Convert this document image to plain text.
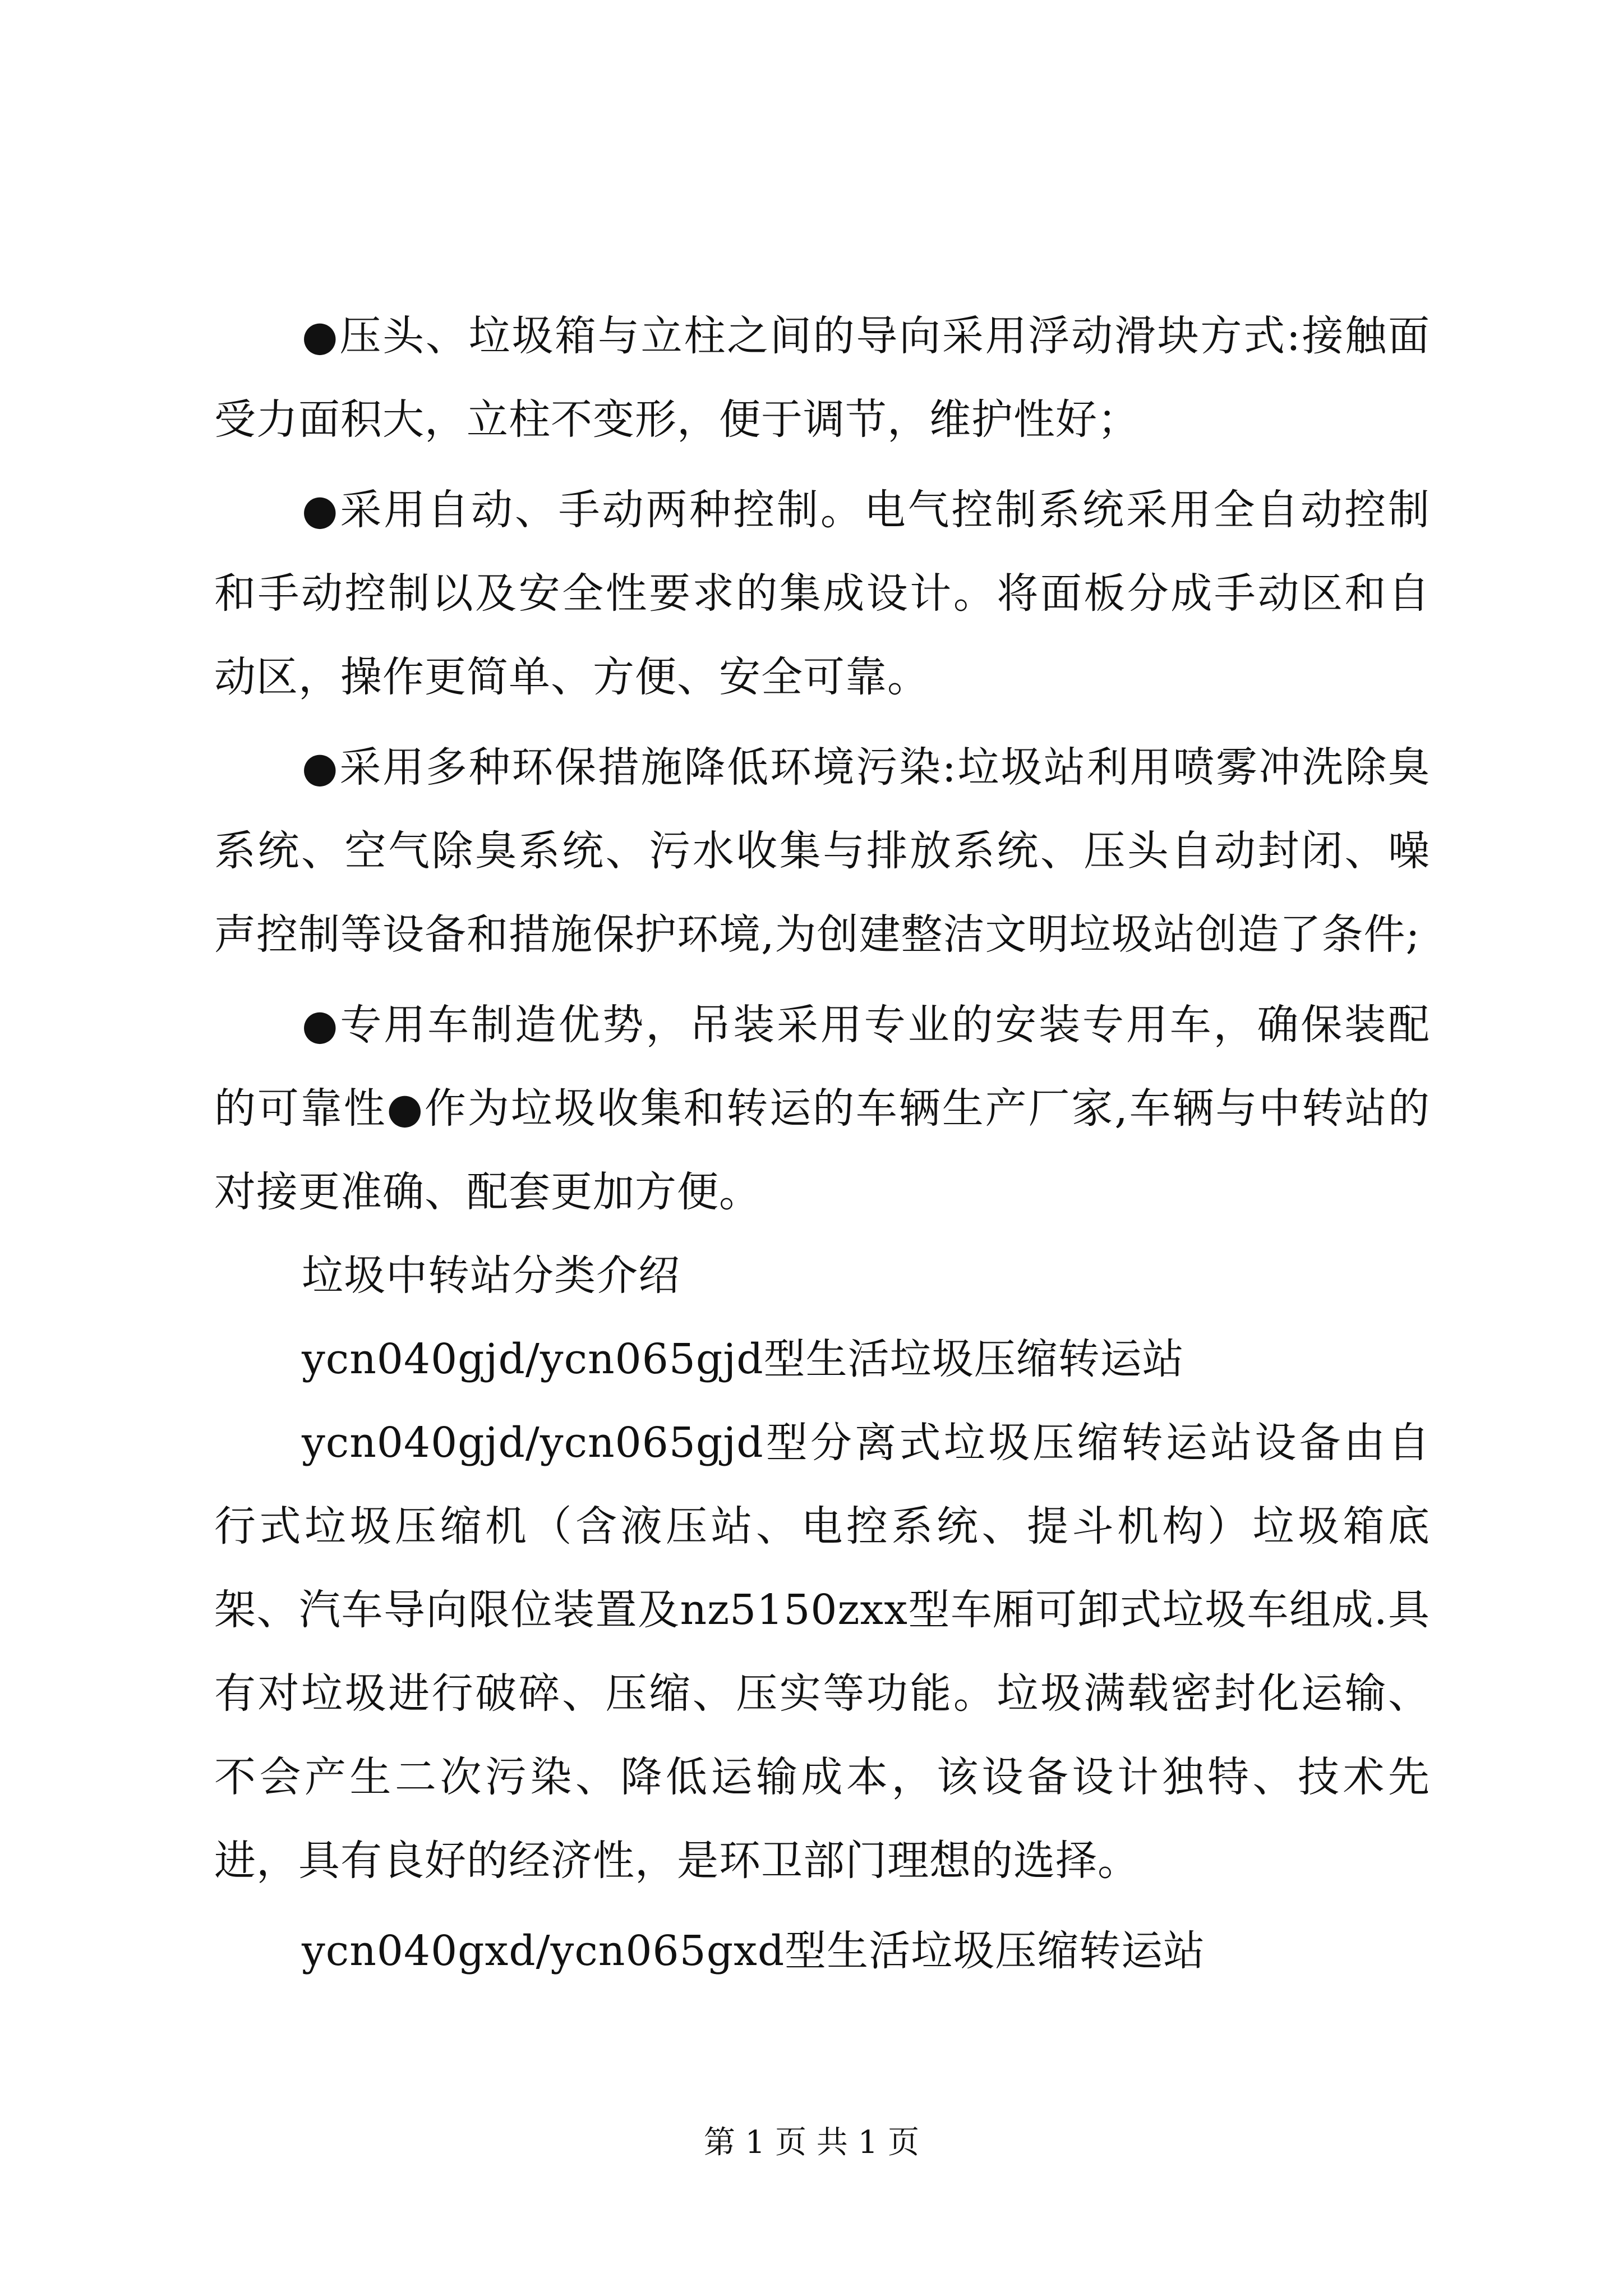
●压头、垃圾箱与立柱之间的导向采用浮动滑块方式:接触面受力面积大，立柱不变形，便于调节，维护性好；

●采用自动、手动两种控制。电气控制系统采用全自动控制和手动控制以及安全性要求的集成设计。将面板分成手动区和自动区，操作更简单、方便、安全可靠。

●采用多种环保措施降低环境污染:垃圾站利用喷雾冲洗除臭系统、空气除臭系统、污水收集与排放系统、压头自动封闭、噪声控制等设备和措施保护环境,为创建整洁文明垃圾站创造了条件;

●专用车制造优势，吊装采用专业的安装专用车，确保装配的可靠性●作为垃圾收集和转运的车辆生产厂家,车辆与中转站的对接更准确、配套更加方便。

垃圾中转站分类介绍

ycn040gjd/ycn065gjd型生活垃圾压缩转运站

ycn040gjd/ycn065gjd型分离式垃圾压缩转运站设备由自行式垃圾压缩机（含液压站、电控系统、提斗机构）垃圾箱底架、汽车导向限位装置及nz5150zxx型车厢可卸式垃圾车组成.具有对垃圾进行破碎、压缩、压实等功能。垃圾满载密封化运输、不会产生二次污染、降低运输成本，该设备设计独特、技术先进，具有良好的经济性，是环卫部门理想的选择。

ycn040gxd/ycn065gxd型生活垃圾压缩转运站

第 1 页 共 1 页
